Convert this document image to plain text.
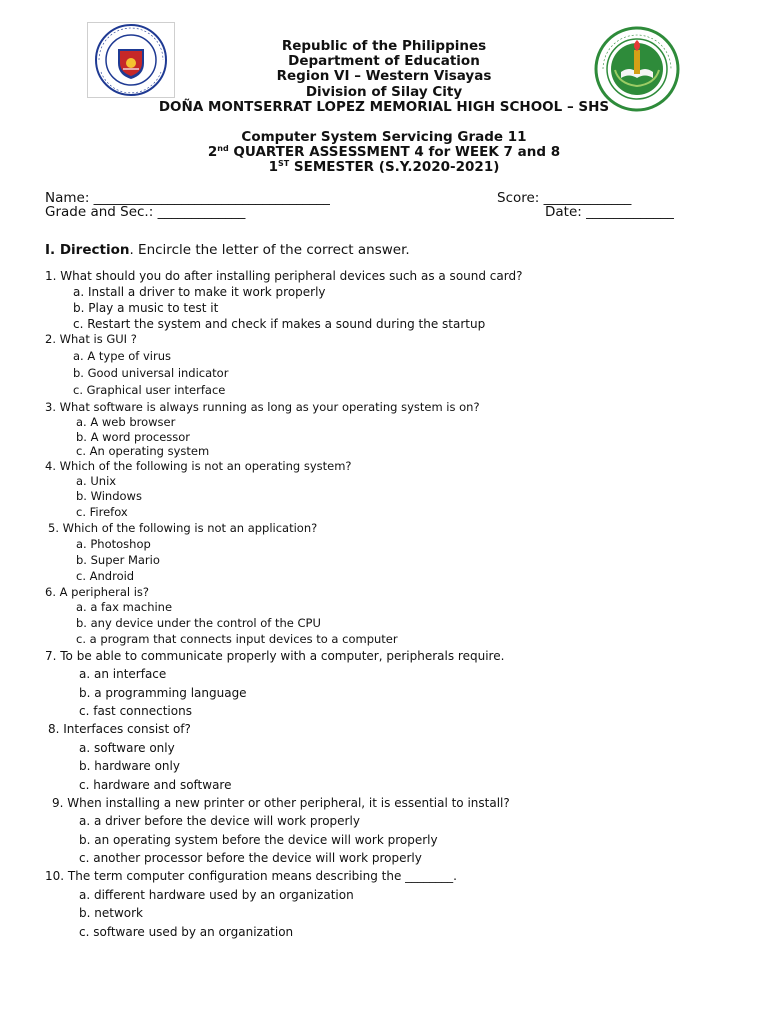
Republic of the Philippines
Department of Education
Region VI – Western Visayas
Division of Silay City
DOÑA MONTSERRAT LOPEZ MEMORIAL HIGH SCHOOL – SHS
Computer System Servicing Grade 11
2nd QUARTER ASSESSMENT 4 for WEEK 7 and 8
1ST SEMESTER (S.Y.2020-2021)
Name: ___________________________________	Score: _____________
Grade and Sec.: _____________	Date: _____________
I. Direction. Encircle the letter of the correct answer.
1. What should you do after installing peripheral devices such as a sound card?
a. Install a driver to make it work properly
b. Play a music to test it
c. Restart the system and check if makes a sound during the startup
2. What is GUI ?
a. A type of virus
b. Good universal indicator
c. Graphical user interface
3. What software is always running as long as your operating system is on?
a. A web browser
b. A word processor
c. An operating system
4. Which of the following is not an operating system?
a. Unix
b. Windows
c. Firefox
5. Which of the following is not an application?
a. Photoshop
b. Super Mario
c. Android
6. A peripheral is?
a. a fax machine
b. any device under the control of the CPU
c. a program that connects input devices to a computer
7. To be able to communicate properly with a computer, peripherals require.
a. an interface
b. a programming language
c. fast connections
8. Interfaces consist of?
a. software only
b. hardware only
c. hardware and software
9. When installing a new printer or other peripheral, it is essential to install?
a. a driver before the device will work properly
b. an operating system before the device will work properly
c. another processor before the device will work properly
10. The term computer configuration means describing the ________.
a. different hardware used by an organization
b. network
c. software used by an organization
